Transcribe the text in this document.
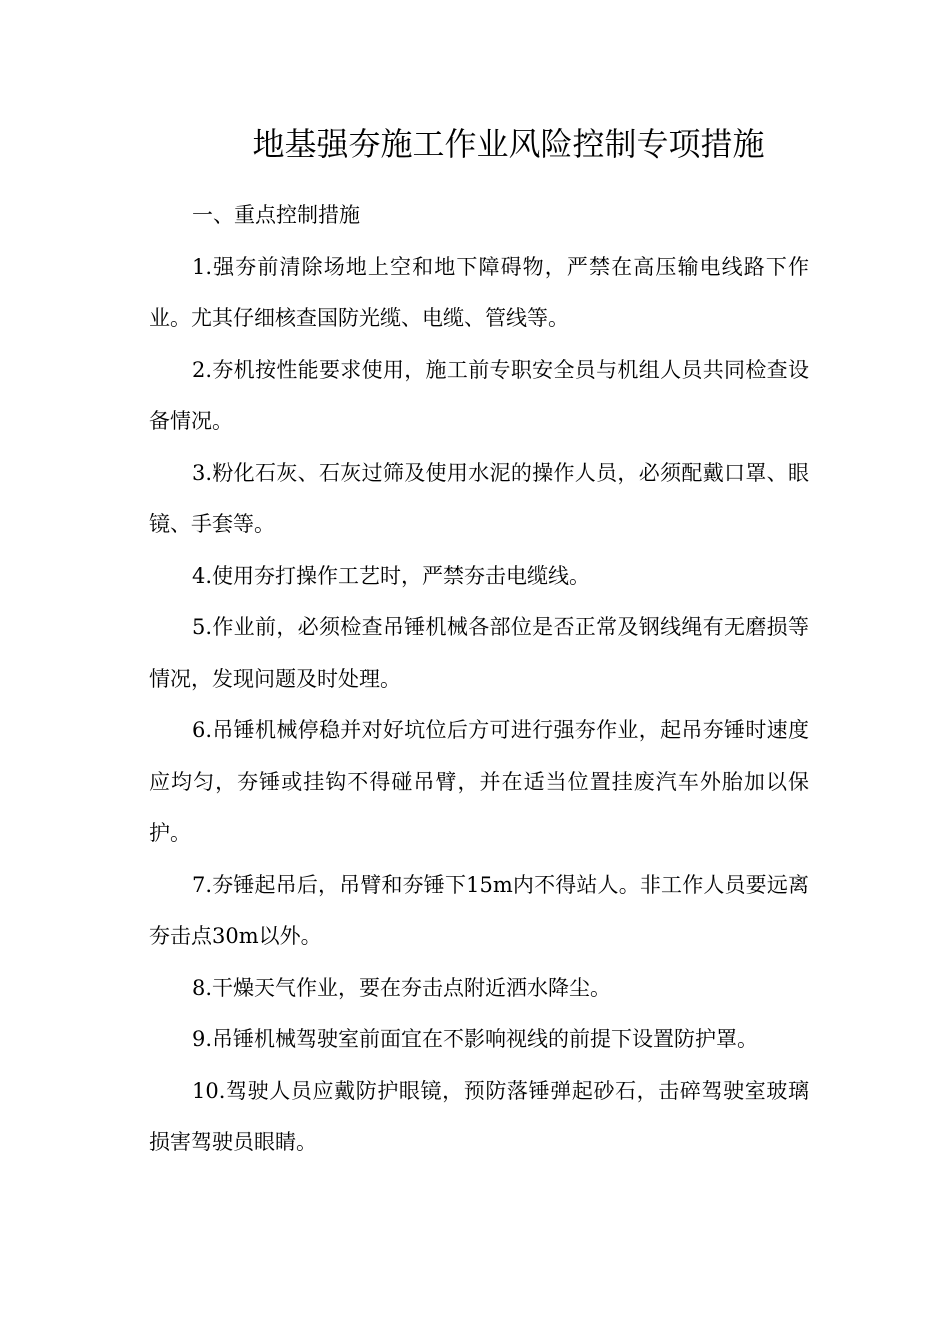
地基强夯施工作业风险控制专项措施

一、重点控制措施

1.强夯前清除场地上空和地下障碍物，严禁在高压输电线路下作业。尤其仔细核查国防光缆、电缆、管线等。

2.夯机按性能要求使用，施工前专职安全员与机组人员共同检查设备情况。

3.粉化石灰、石灰过筛及使用水泥的操作人员，必须配戴口罩、眼镜、手套等。

4.使用夯打操作工艺时，严禁夯击电缆线。

5.作业前，必须检查吊锤机械各部位是否正常及钢线绳有无磨损等情况，发现问题及时处理。

6.吊锤机械停稳并对好坑位后方可进行强夯作业，起吊夯锤时速度应均匀，夯锤或挂钩不得碰吊臂，并在适当位置挂废汽车外胎加以保护。

7.夯锤起吊后，吊臂和夯锤下15m内不得站人。非工作人员要远离夯击点30m以外。

8.干燥天气作业，要在夯击点附近洒水降尘。

9.吊锤机械驾驶室前面宜在不影响视线的前提下设置防护罩。

10.驾驶人员应戴防护眼镜，预防落锤弹起砂石，击碎驾驶室玻璃损害驾驶员眼睛。
